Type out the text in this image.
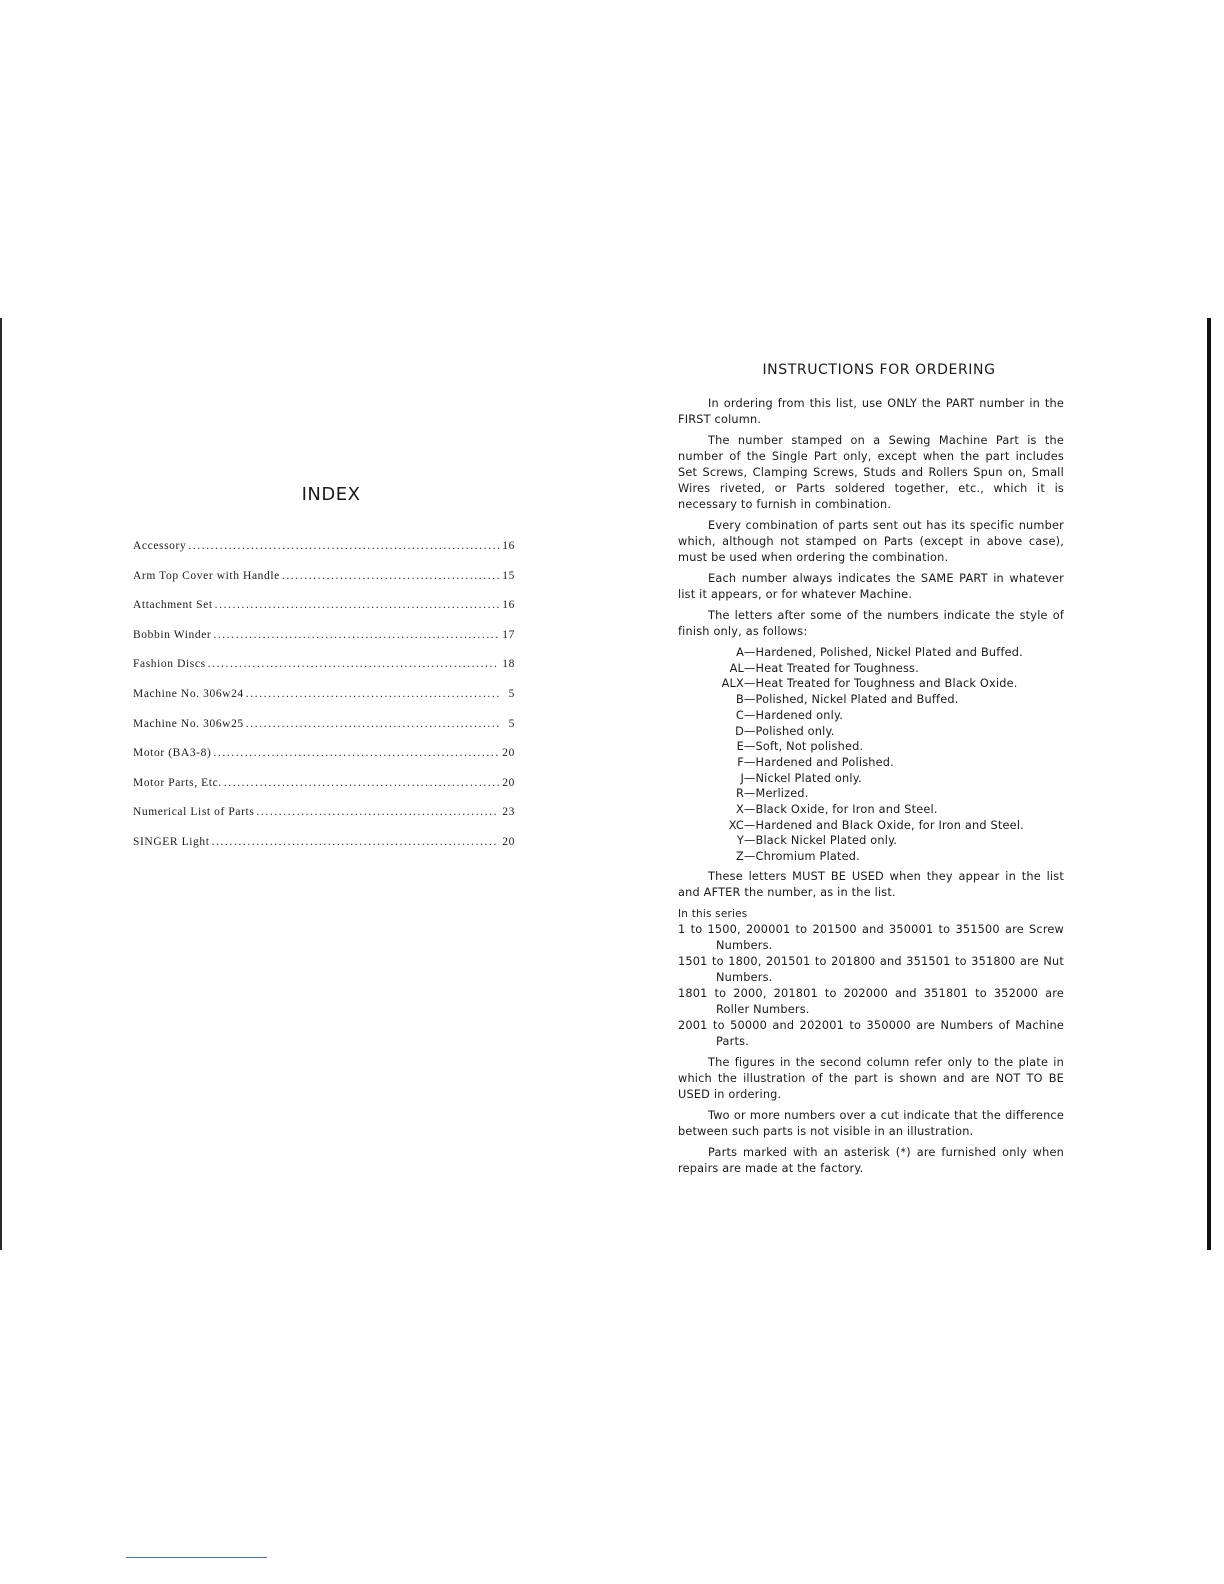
INDEX
Accessory .....	16
Arm Top Cover with Handle .....	15
Attachment Set .....	16
Bobbin Winder .....	17
Fashion Discs .....	18
Machine No. 306w24 .....	5
Machine No. 306w25 .....	5
Motor (BA3-8) .....	20
Motor Parts, Etc. .....	20
Numerical List of Parts .....	23
SINGER Light .....	20
INSTRUCTIONS FOR ORDERING

In ordering from this list, use ONLY the PART number in the FIRST column.

The number stamped on a Sewing Machine Part is the number of the Single Part only, except when the part includes Set Screws, Clamping Screws, Studs and Rollers Spun on, Small Wires riveted, or Parts soldered together, etc., which it is necessary to furnish in combination.

Every combination of parts sent out has its specific number which, although not stamped on Parts (except in above case), must be used when ordering the combination.

Each number always indicates the SAME PART in whatever list it appears, or for whatever Machine.

The letters after some of the numbers indicate the style of finish only, as follows:

A — Hardened, Polished, Nickel Plated and Buffed.
AL — Heat Treated for Toughness.
ALX — Heat Treated for Toughness and Black Oxide.
B — Polished, Nickel Plated and Buffed.
C — Hardened only.
D — Polished only.
E — Soft, Not polished.
F — Hardened and Polished.
J — Nickel Plated only.
R — Merlized.
X — Black Oxide, for Iron and Steel.
XC — Hardened and Black Oxide, for Iron and Steel.
Y — Black Nickel Plated only.
Z — Chromium Plated.

These letters MUST BE USED when they appear in the list and AFTER the number, as in the list.

In this series

1 to 1500, 200001 to 201500 and 350001 to 351500 are Screw Numbers.

1501 to 1800, 201501 to 201800 and 351501 to 351800 are Nut Numbers.

1801 to 2000, 201801 to 202000 and 351801 to 352000 are Roller Numbers.

2001 to 50000 and 202001 to 350000 are Numbers of Machine Parts.

The figures in the second column refer only to the plate in which the illustration of the part is shown and are NOT TO BE USED in ordering.

Two or more numbers over a cut indicate that the difference between such parts is not visible in an illustration.

Parts marked with an asterisk (*) are furnished only when repairs are made at the factory.
